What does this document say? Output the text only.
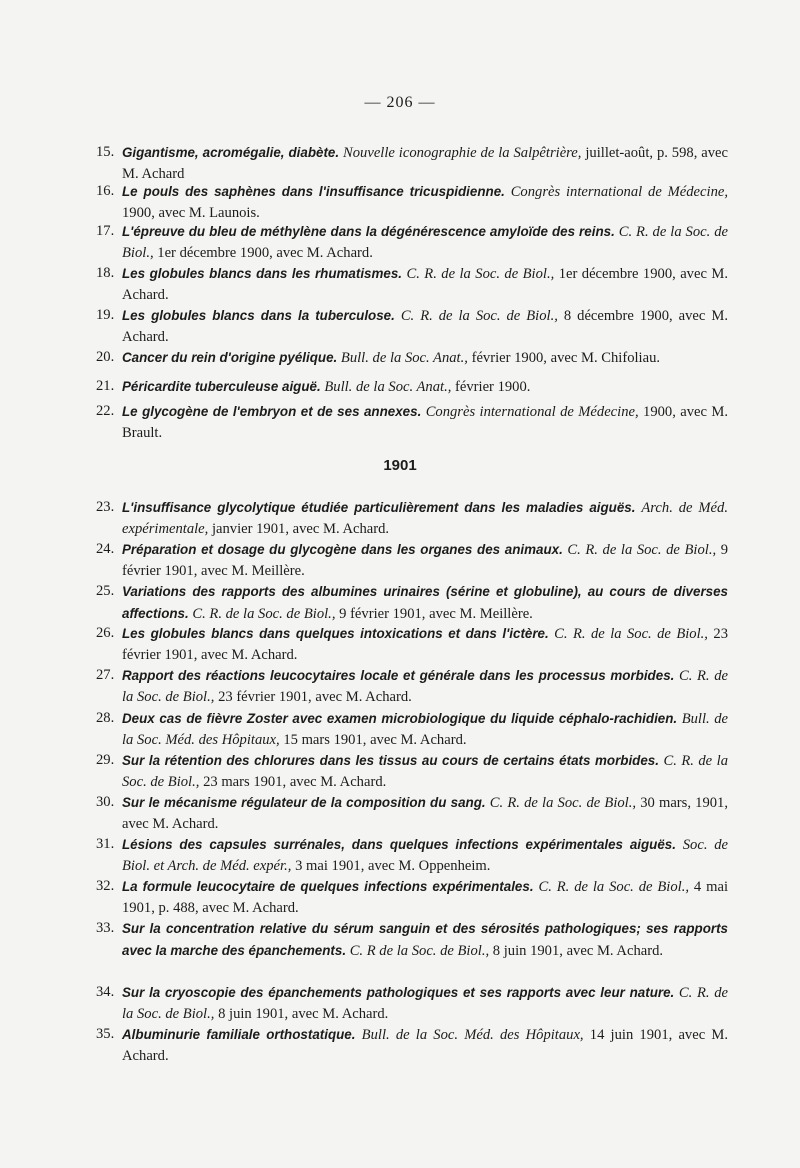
— 206 —
15. Gigantisme, acromégalie, diabète. Nouvelle iconographie de la Salpêtrière, juillet-août, p. 598, avec M. Achard
16. Le pouls des saphènes dans l'insuffisance tricuspidienne. Congrès international de Médecine, 1900, avec M. Launois.
17. L'épreuve du bleu de méthylène dans la dégénérescence amyloïde des reins. C. R. de la Soc. de Biol., 1er décembre 1900, avec M. Achard.
18. Les globules blancs dans les rhumatismes. C. R. de la Soc. de Biol., 1er décembre 1900, avec M. Achard.
19. Les globules blancs dans la tuberculose. C. R. de la Soc. de Biol., 8 décembre 1900, avec M. Achard.
20. Cancer du rein d'origine pyélique. Bull. de la Soc. Anat., février 1900, avec M. Chifoliau.
21. Péricardite tuberculeuse aiguë. Bull. de la Soc. Anat., février 1900.
22. Le glycogène de l'embryon et de ses annexes. Congrès international de Médecine, 1900, avec M. Brault.
23. L'insuffisance glycolytique étudiée particulièrement dans les maladies aiguës. Arch. de Méd. expérimentale, janvier 1901, avec M. Achard.
24. Préparation et dosage du glycogène dans les organes des animaux. C. R. de la Soc. de Biol., 9 février 1901, avec M. Meillère.
25. Variations des rapports des albumines urinaires (sérine et globuline), au cours de diverses affections. C. R. de la Soc. de Biol., 9 février 1901, avec M. Meillère.
26. Les globules blancs dans quelques intoxications et dans l'ictère. C. R. de la Soc. de Biol., 23 février 1901, avec M. Achard.
27. Rapport des réactions leucocytaires locale et générale dans les processus morbides. C. R. de la Soc. de Biol., 23 février 1901, avec M. Achard.
28. Deux cas de fièvre Zoster avec examen microbiologique du liquide céphalo-rachidien. Bull. de la Soc. Méd. des Hôpitaux, 15 mars 1901, avec M. Achard.
29. Sur la rétention des chlorures dans les tissus au cours de certains états morbides. C. R. de la Soc. de Biol., 23 mars 1901, avec M. Achard.
30. Sur le mécanisme régulateur de la composition du sang. C. R. de la Soc. de Biol., 30 mars, 1901, avec M. Achard.
31. Lésions des capsules surrénales, dans quelques infections expérimentales aiguës. Soc. de Biol. et Arch. de Méd. expér., 3 mai 1901, avec M. Oppenheim.
32. La formule leucocytaire de quelques infections expérimentales. C. R. de la Soc. de Biol., 4 mai 1901, p. 488, avec M. Achard.
33. Sur la concentration relative du sérum sanguin et des sérosités pathologiques; ses rapports avec la marche des épanchements. C. R de la Soc. de Biol., 8 juin 1901, avec M. Achard.
34. Sur la cryoscopie des épanchements pathologiques et ses rapports avec leur nature. C. R. de la Soc. de Biol., 8 juin 1901, avec M. Achard.
35. Albuminurie familiale orthostatique. Bull. de la Soc. Méd. des Hôpitaux, 14 juin 1901, avec M. Achard.
1901
